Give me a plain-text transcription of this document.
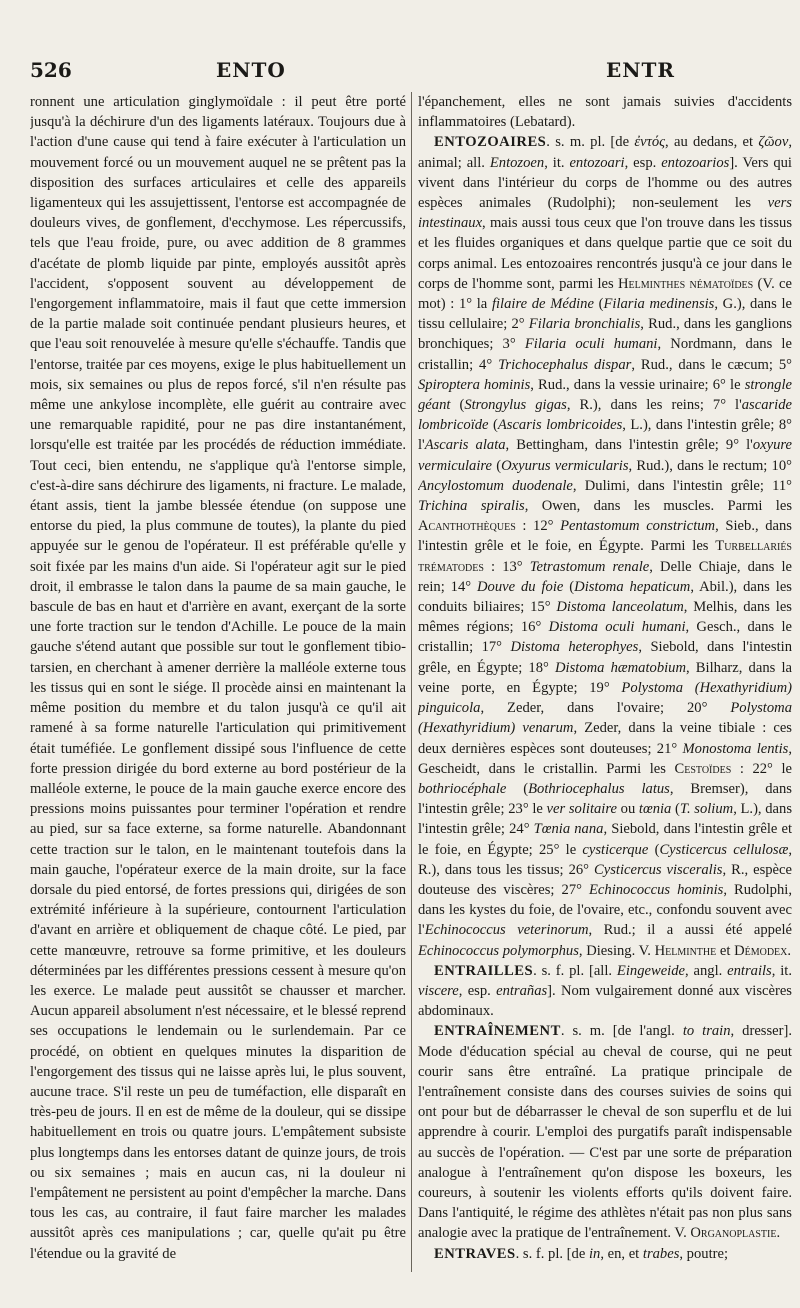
526	ENTO	ENTR

ronnent une articulation ginglymoïdale : il peut être porté jusqu'à la déchirure d'un des ligaments latéraux. Toujours due à l'action d'une cause qui tend à faire exécuter à l'articulation un mouvement forcé ou un mouvement auquel ne se prêtent pas la disposition des surfaces articulaires et celle des appareils ligamenteux qui les assujettissent, l'entorse est accompagnée de douleurs vives, de gonflement, d'ecchymose. Les répercussifs, tels que l'eau froide, pure, ou avec addition de 8 grammes d'acétate de plomb liquide par pinte, employés aussitôt après l'accident, s'opposent souvent au développement de l'engorgement inflammatoire, mais il faut que cette immersion de la partie malade soit continuée pendant plusieurs heures, et que l'eau soit renouvelée à mesure qu'elle s'échauffe. Tandis que l'entorse, traitée par ces moyens, exige le plus habituellement un mois, six semaines ou plus de repos forcé, s'il n'en résulte pas même une ankylose incomplète, elle guérit au contraire avec une remarquable rapidité, pour ne pas dire instantanément, lorsqu'elle est traitée par les procédés de réduction immédiate. Tout ceci, bien entendu, ne s'applique qu'à l'entorse simple, c'est-à-dire sans déchirure des ligaments, ni fracture. Le malade, étant assis, tient la jambe blessée étendue (on suppose une entorse du pied, la plus commune de toutes), la plante du pied appuyée sur le genou de l'opérateur. Il est préférable qu'elle y soit fixée par les mains d'un aide. Si l'opérateur agit sur le pied droit, il embrasse le talon dans la paume de sa main gauche, le bascule de bas en haut et d'arrière en avant, exerçant de la sorte une forte traction sur le tendon d'Achille. Le pouce de la main gauche s'étend autant que possible sur tout le gonflement tibio-tarsien, en cherchant à amener derrière la malléole externe tous les tissus qui en sont le siége. Il procède ainsi en maintenant la même position du membre et du talon jusqu'à ce qu'il ait ramené à sa forme naturelle l'articulation qui primitivement était tuméfiée. Le gonflement dissipé sous l'influence de cette forte pression dirigée du bord externe au bord postérieur de la malléole externe, le pouce de la main gauche exerce encore des pressions moins puissantes pour terminer l'opération et rendre au pied, sur sa face externe, sa forme naturelle. Abandonnant cette traction sur le talon, en le maintenant toutefois dans la main gauche, l'opérateur exerce de la main droite, sur la face dorsale du pied entorsé, de fortes pressions qui, dirigées de son extrémité inférieure à la supérieure, contournent l'articulation d'avant en arrière et obliquement de chaque côté. Le pied, par cette manœuvre, retrouve sa forme primitive, et les douleurs déterminées par les différentes pressions cessent à mesure qu'on les exerce. Le malade peut aussitôt se chausser et marcher. Aucun appareil absolument n'est nécessaire, et le blessé reprend ses occupations le lendemain ou le surlendemain. Par ce procédé, on obtient en quelques minutes la disparition de l'engorgement des tissus qui ne laisse après lui, le plus souvent, aucune trace. S'il reste un peu de tuméfaction, elle disparaît en très-peu de jours. Il en est de même de la douleur, qui se dissipe habituellement en trois ou quatre jours. L'empâtement subsiste plus longtemps dans les entorses datant de quinze jours, de trois ou six semaines ; mais en aucun cas, ni la douleur ni l'empâtement ne persistent au point d'empêcher la marche. Dans tous les cas, au contraire, il faut faire marcher les malades aussitôt après ces manipulations ; car, quelle qu'ait pu être l'étendue ou la gravité de

l'épanchement, elles ne sont jamais suivies d'accidents inflammatoires (Lebatard).

ENTOZOAIRES. s. m. pl. [de ἐντός, au dedans, et ζῶον, animal; all. Entozoen, it. entozoari, esp. entozoarios]. Vers qui vivent dans l'intérieur du corps de l'homme ou des autres espèces animales (Rudolphi); non-seulement les vers intestinaux, mais aussi tous ceux que l'on trouve dans les tissus et les fluides organiques et dans quelque partie que ce soit du corps animal. Les entozoaires rencontrés jusqu'à ce jour dans le corps de l'homme sont, parmi les Helminthes nématoïdes (V. ce mot) : 1° la filaire de Médine (Filaria medinensis, G.), dans le tissu cellulaire; 2° Filaria bronchialis, Rud., dans les ganglions bronchiques; 3° Filaria oculi humani, Nordmann, dans le cristallin; 4° Trichocephalus dispar, Rud., dans le cæcum; 5° Spiroptera hominis, Rud., dans la vessie urinaire; 6° le strongle géant (Strongylus gigas, R.), dans les reins; 7° l'ascaride lombricoïde (Ascaris lombricoides, L.), dans l'intestin grêle; 8° l'Ascaris alata, Bettingham, dans l'intestin grêle; 9° l'oxyure vermiculaire (Oxyurus vermicularis, Rud.), dans le rectum; 10° Ancylostomum duodenale, Dulimi, dans l'intestin grêle; 11° Trichina spiralis, Owen, dans les muscles. Parmi les Acanthothèques : 12° Pentastomum constrictum, Sieb., dans l'intestin grêle et le foie, en Égypte. Parmi les Turbellariés trématodes : 13° Tetrastomum renale, Delle Chiaje, dans le rein; 14° Douve du foie (Distoma hepaticum, Abil.), dans les conduits biliaires; 15° Distoma lanceolatum, Melhis, dans les mêmes régions; 16° Distoma oculi humani, Gesch., dans le cristallin; 17° Distoma heterophyes, Siebold, dans l'intestin grêle, en Égypte; 18° Distoma hæmatobium, Bilharz, dans la veine porte, en Égypte; 19° Polystoma (Hexathyridium) pinguicola, Zeder, dans l'ovaire; 20° Polystoma (Hexathyridium) venarum, Zeder, dans la veine tibiale : ces deux dernières espèces sont douteuses; 21° Monostoma lentis, Gescheidt, dans le cristallin. Parmi les Cestoïdes : 22° le bothriocéphale (Bothriocephalus latus, Bremser), dans l'intestin grêle; 23° le ver solitaire ou tœnia (T. solium, L.), dans l'intestin grêle; 24° Tœnia nana, Siebold, dans l'intestin grêle et le foie, en Égypte; 25° le cysticerque (Cysticercus cellulosæ, R.), dans tous les tissus; 26° Cysticercus visceralis, R., espèce douteuse des viscères; 27° Echinococcus hominis, Rudolphi, dans les kystes du foie, de l'ovaire, etc., confondu souvent avec l'Echinococcus veterinorum, Rud.; il a aussi été appelé Echinococcus polymorphus, Diesing. V. Helminthe et Démodex.

ENTRAILLES. s. f. pl. [all. Eingeweide, angl. entrails, it. viscere, esp. entrañas]. Nom vulgairement donné aux viscères abdominaux.

ENTRAÎNEMENT. s. m. [de l'angl. to train, dresser]. Mode d'éducation spécial au cheval de course, qui ne peut courir sans être entraîné. La pratique principale de l'entraînement consiste dans des courses suivies de soins qui ont pour but de débarrasser le cheval de son superflu et de lui apprendre à courir. L'emploi des purgatifs paraît indispensable au succès de l'opération. — C'est par une sorte de préparation analogue à l'entraînement qu'on dispose les boxeurs, les coureurs, à soutenir les violents efforts qu'ils doivent faire. Dans l'antiquité, le régime des athlètes n'était pas non plus sans analogie avec la pratique de l'entraînement. V. Organoplastie.

ENTRAVES. s. f. pl. [de in, en, et trabes, poutre;
